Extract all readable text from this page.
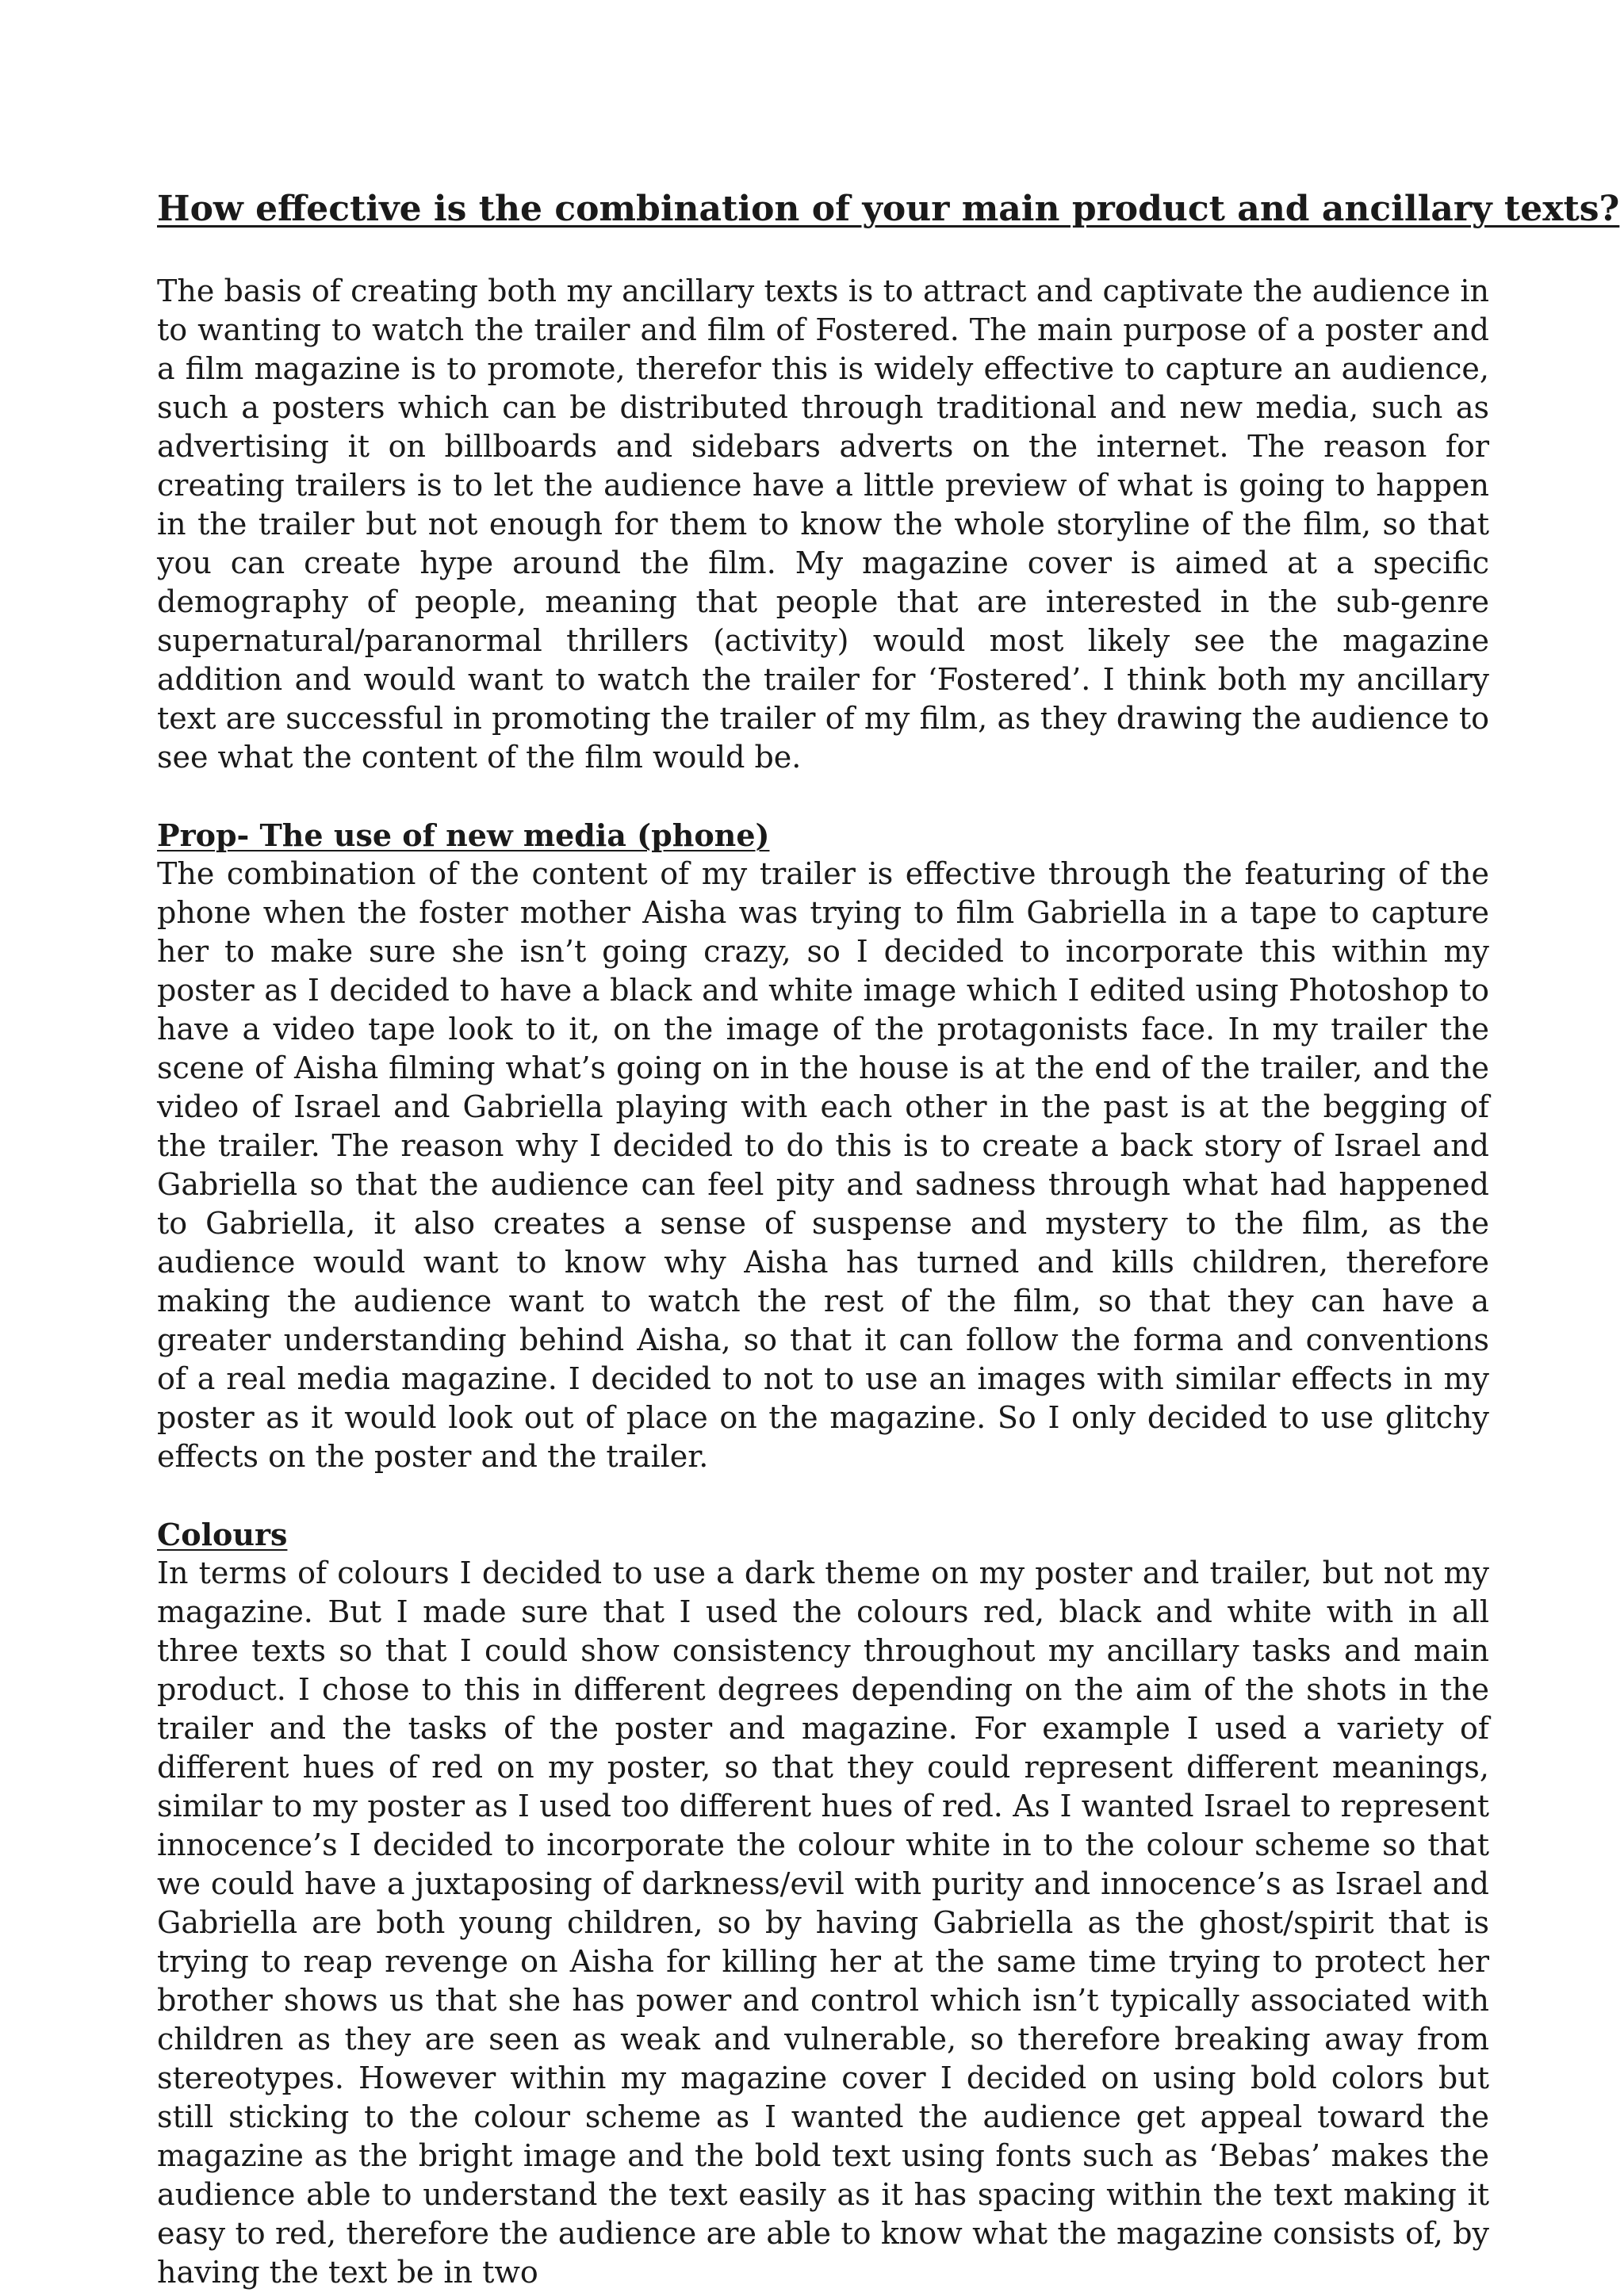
How effective is the combination of your main product and ancillary texts?

The basis of creating both my ancillary texts is to attract and captivate the audience in to wanting to watch the trailer and film of Fostered. The main purpose of a poster and a film magazine is to promote, therefor this is widely effective to capture an audience, such a posters which can be distributed through traditional and new media, such as advertising it on billboards and sidebars adverts on the internet. The reason for creating trailers is to let the audience have a little preview of what is going to happen in the trailer but not enough for them to know the whole storyline of the film, so that you can create hype around the film. My magazine cover is aimed at a specific demography of people, meaning that people that are interested in the sub-genre supernatural/paranormal thrillers (activity) would most likely see the magazine addition and would want to watch the trailer for ‘Fostered’. I think both my ancillary text are successful in promoting the trailer of my film, as they drawing the audience to see what the content of the film would be.

Prop- The use of new media (phone)

The combination of the content of my trailer is effective through the featuring of the phone when the foster mother Aisha was trying to film Gabriella in a tape to capture her to make sure she isn’t going crazy, so I decided to incorporate this within my poster as I decided to have a black and white image which I edited using Photoshop to have a video tape look to it, on the image of the protagonists face. In my trailer the scene of Aisha filming what’s going on in the house is at the end of the trailer, and the video of Israel and Gabriella playing with each other in the past is at the begging of the trailer. The reason why I decided to do this is to create a back story of Israel and Gabriella so that the audience can feel pity and sadness through what had happened to Gabriella, it also creates a sense of suspense and mystery to the film, as the audience would want to know why Aisha has turned and kills children, therefore making the audience want to watch the rest of the film, so that they can have a greater understanding behind Aisha, so that it can follow the forma and conventions of a real media magazine. I decided to not to use an images with similar effects in my poster as it would look out of place on the magazine. So I only decided to use glitchy effects on the poster and the trailer.

Colours

In terms of colours I decided to use a dark theme on my poster and trailer, but not my magazine. But I made sure that I used the colours red, black and white with in all three texts so that I could show consistency throughout my ancillary tasks and main product. I chose to this in different degrees depending on the aim of the shots in the trailer and the tasks of the poster and magazine. For example I used a variety of different hues of red on my poster, so that they could represent different meanings, similar to my poster as I used too different hues of red. As I wanted Israel to represent innocence’s I decided to incorporate the colour white in to the colour scheme so that we could have a juxtaposing of darkness/evil with purity and innocence’s as Israel and Gabriella are both young children, so by having Gabriella as the ghost/spirit that is trying to reap revenge on Aisha for killing her at the same time trying to protect her brother shows us that she has power and control which isn’t typically associated with children as they are seen as weak and vulnerable, so therefore breaking away from stereotypes. However within my magazine cover I decided on using bold colors but still sticking to the colour scheme as I wanted the audience get appeal toward the magazine as the bright image and the bold text using fonts such as ‘Bebas’ makes the audience able to understand the text easily as it has spacing within the text making it easy to red, therefore the audience are able to know what the magazine consists of, by having the text be in two
